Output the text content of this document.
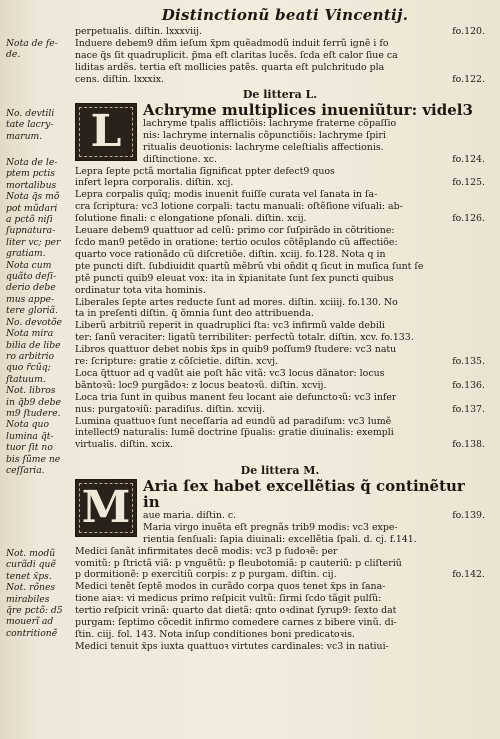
Distinctionũ beati Vincentij.
Nota de fe-
de.
No. devtili
tate lacry-
marum.
Nota de le-
ptem pctis
mortalibus
Nota q̃s mõ
pot mũdari
a pctõ niſi
ſupnatura-
liter vc; per
gratiam.
Nota cum
quãto deſi-
derio debe
mus appe-
tere gloriã.
No. devotõe
Nota mira
bilia de libe
ro arbitrio
quo r̃cũq;
ſtatuum.
Not. libros
in q̃b9 debe
m9 ſtudere.
Nota quo
lumina q̃t-
tuor ſit no
bis ſũme ne
ceſſaria.
Not. modũ
curãdi quẽ
tenet x̃ps.
Not. rõnes
mirabiles
q̃re pctõ: d5
mouerĩ ad
contritionẽ
perpetualis. diſtin. lxxxviij.	fo.120.
Induere debem9 dñm ieſum x̃pm quẽadmodũ induit ferrũ ignẽ i fo
nace q̃s ſit quadruplicit. p̃ma eſt claritas lucẽs. ſcda eſt calor ſiue ca
liditas ardẽs. tertia eſt mollicies patẽs. quarta eſt pulchritudo pla
cens. diſtin. lxxxix.	fo.122.
De littera L.
L	Achryme multiplices inueniũtur: videl3
lachryme tpalis afflictiõis: lachryme fraterne cõpaſſio
nis: lachryme internalis cõpunctiõis: lachryme ſpiri
ritualis deuotionis: lachryme celeſtialis affectionis.
diſtinctione. xc.	fo.124.
Lepra ſepte pctã mortalia ſignificat ppter defect9 quos
infert lepra corporalis. diſtin. xcj.	fo.125.
Lepra corpalis quĩq; modis inuenit fuiſſe curata vel ſanata in ſa-
cra ſcriptura: vc3 lotione corpali: tactu manuali: oſtẽſione viſuali: ab-
ſolutione finali: c elongatione pſonali. diſtin. xcij.	fo.126.
Leuare debem9 quattuor ad celũ: primo cor ſuſpirãdo in cõtritione:
ſcdo man9 petẽdo in oratione: tertio oculos cõtẽplando cũ affectiõe:
quarto voce rationãdo cũ diſcretiõe. diſtin. xciij. fo.128. Nota q in
pte puncti diſt. ſubdiuidit quartũ mẽbrũ vbi oñdit q ſicut in muſica ſunt ſe
ptẽ puncti quib9 eleuat vox: ita in x̃pianitate ſunt ſex puncti quibus
ordinatur tota vita hominis.
Liberales ſepte artes reducte ſunt ad mores. diſtin. xciiij. fo.130. No
ta in preſenti diſtin. q̃ õmnia ſunt deo attribuenda.
Liberũ arbitriũ reperit in quadruplici ſta: vc3 infirmũ valde debili
ter: ſanũ veraciter: ligatũ terribiliter: perfectũ totalr. diſtin. xcv. fo.133.
Libros quattuor debet nobis x̃ps in quib9 poſſum9 ſtudere: vc3 natu
re: ſcripture: gratie z cõſcietie. diſtin. xcvj.	fo.135.
Loca q̃ttuor ad q vadũt aie poſt hãc vitã: vc3 locus dãnator: locus
bãntoꝛũ: loc9 purgãdoꝛ: z locus beatoꝛũ. diſtin. xcvij.	fo.136.
Loca tria ſunt in quibus manent feu locant aie defunctoꝛũ: vc3 infer
nus: purgatoꝛiũ: paradiſus. diſtin. xcviij.	fo.137.
Lumina quattuoꝛ ſunt neceſſaria ad eundũ ad paradiſum: vc3 lumẽ
intellect9 naturalis: lumẽ doctrine ſp̃ualis: gratie diuinalis: exempli
virtualis. diſtin. xcix.	fo.138.
De littera M.
M Aria ſex habet excellẽtias q̃ continẽtur in
aue maria. diſtin. c.	fo.139.
Maria virgo inuẽta eſt pregnãs trib9 modis: vc3 expe-
rientia ſenſuali: ſapia diuinali: excellẽtia ſpali. d. cj. f.141.
Medici ſanãt infirmitates decẽ modis: vc3 p ſudoꝛẽ: per
vomitũ: p ſtrictã viã: p vnguẽtũ: p fleubotomiã: p cauteriũ: p cliſteriũ
p dormitionẽ: p exercitiũ corpis: z p purgam. diſtin. cij.	fo.142.
Medici tenẽt ſeptẽ modos in curãdo corpa quos tenet x̃ps in ſana-
tione aiaꝛ: vi medicus primo reſpicit vultũ: ſirmi ſcdo tãgit pulſũ:
tertio reſpicit vrinã: quarto dat dietã: qnto oꝛdinat ſyrup9: ſexto dat
purgam: ſeptimo cõcedit infirmo comedere carnes z bibere vinũ. di-
ſtin. ciij. fol. 143. Nota inſup conditiones boni predicatoꝛis.
Medici tenuit x̃ps iuxta quattuoꝛ virtutes cardinales: vc3 in natiui-
